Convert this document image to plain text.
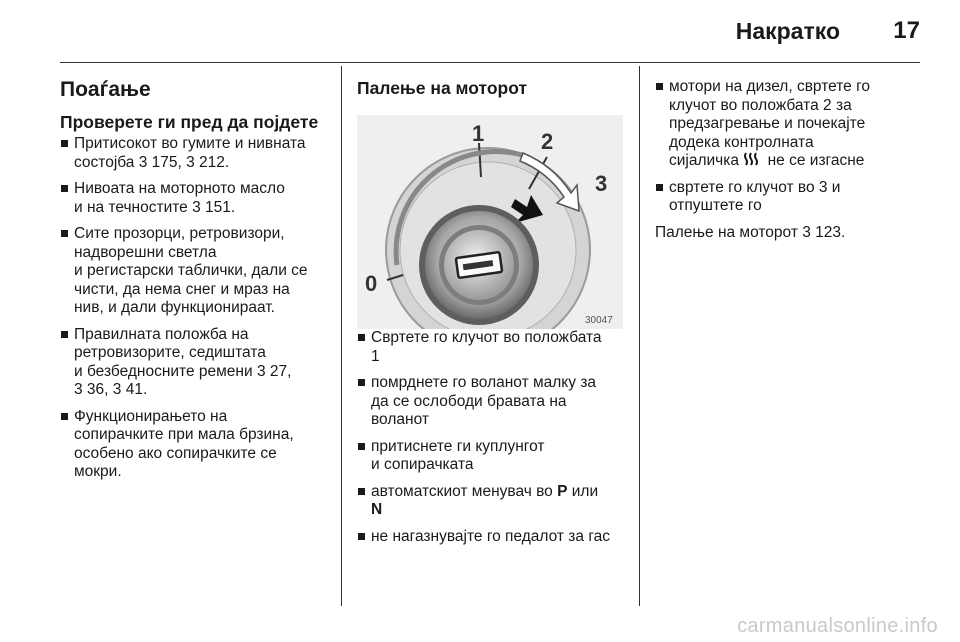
Накратко 17
Поаѓање
Проверете ги пред да појдете
Притисокот во гумите и нивната
состојба 3 175, 3 212.
Нивоата на моторното масло
и на течностите 3 151.
Сите прозорци, ретровизори,
надворешни светла
и регистарски таблички, дали се
чисти, да нема снег и мраз на
нив, и дали функционираат.
Правилната положба на
ретровизорите, седиштата
и безбедносните ремени 3 27,
3 36, 3 41.
Функционирањето на
сопирачките при мала брзина,
особено ако сопирачките се
мокри.
Палење на моторот
0
1	2
3
30047
Свртете го клучот во положбата
1
помрднете го воланот малку за
да се ослободи бравата на
воланот
притиснете ги куплунгот
и сопирачката
автоматскиот менувач во P или
N
не нагазнувајте го педалот за гас
мотори на дизел, свртете го
клучот во положбата 2 за
предзагревање и почекајте
додека контролната
сијаличка  не се изгасне
свртете го клучот во 3 и
отпуштете го
Палење на моторот 3 123.
carmanualsonline.info
